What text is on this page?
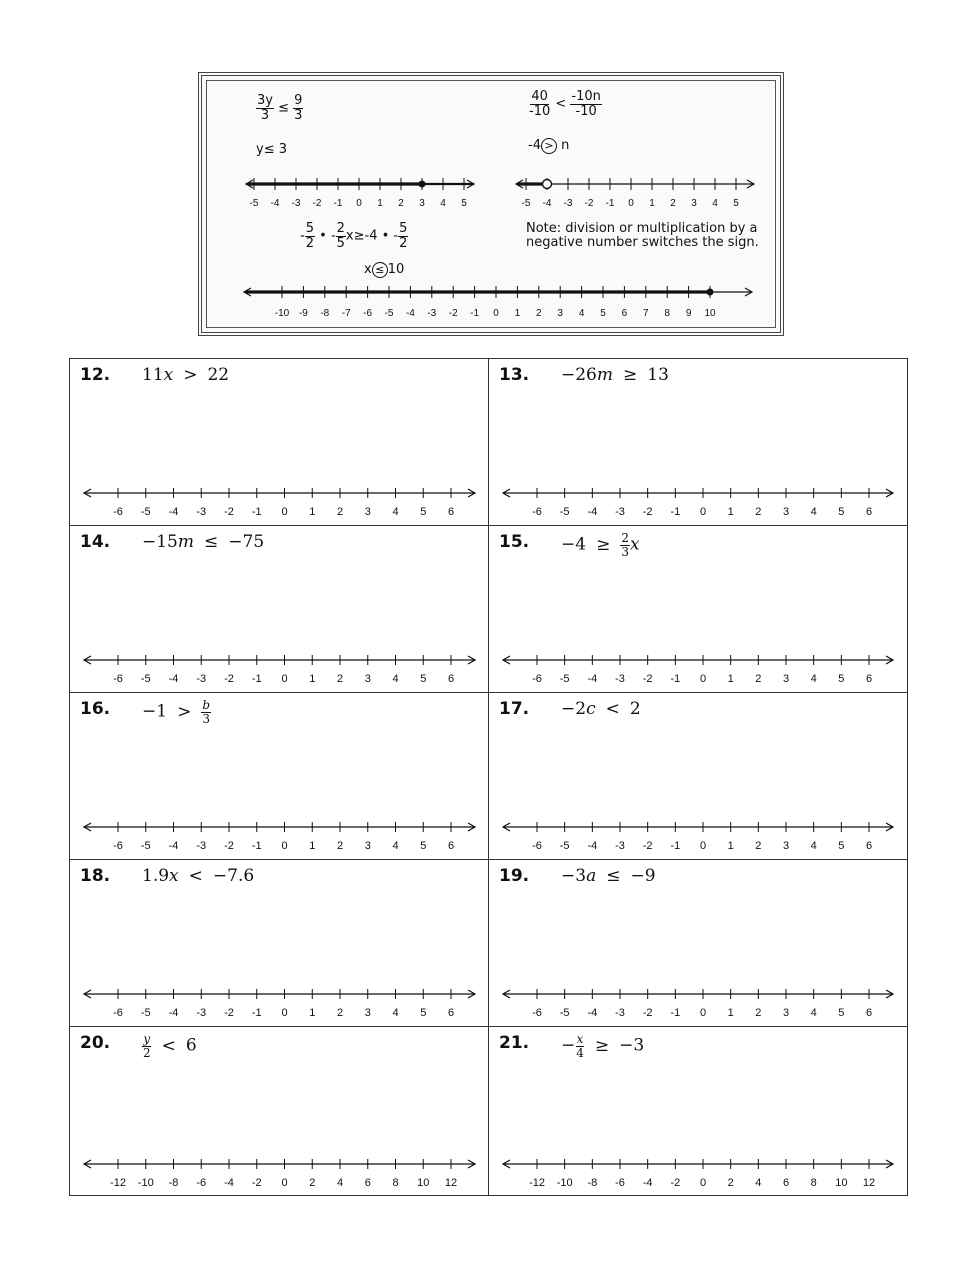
$\frac{3y}{3} \le \frac{9}{3}$
y≤ 3
-5 -4 -3 -2 -1 0 1 2 3 4 5
$\frac{40}{-10} < \frac{-10n}{-10}$
-4 > n
-5 -4 -3 -2 -1 0 1 2 3 4 5
- $\frac{5}{2}$ • - $\frac{2}{5} x\ge-4$ • - $\frac{5}{2}$
x ≤ 10
-10 -9 -8 -7 -6 -5 -4 -3 -2 -1 0 1 2 3 4 5 6 7 8 9 10
Note: division or multiplication by a negative number switches the sign.
12. 11x > 22
-6 -5 -4 -3 -2 -1 0 1 2 3 4 5 6
13. −26m ≥ 13
-6 -5 -4 -3 -2 -1 0 1 2 3 4 5 6
14. −15m ≤ −75
-6 -5 -4 -3 -2 -1 0 1 2 3 4 5 6
15. $-4 \ge \frac{2}{3}$ x
-6 -5 -4 -3 -2 -1 0 1 2 3 4 5 6
16. $-1 > \frac{b}{3}$
-6 -5 -4 -3 -2 -1 0 1 2 3 4 5 6
17. −2c < 2
-6 -5 -4 -3 -2 -1 0 1 2 3 4 5 6
18. 1.9x < −7.6
-6 -5 -4 -3 -2 -1 0 1 2 3 4 5 6
19. −3a ≤ −9
-6 -5 -4 -3 -2 -1 0 1 2 3 4 5 6
20.	$\frac{y}{2} < 6$
-12 -10 -8 -6 -4 -2 0 2 4 6 8 10 12
21. − $\frac{x}{4} \ge -3$
-12 -10 -8 -6 -4 -2 0 2 4 6 8 10 12
